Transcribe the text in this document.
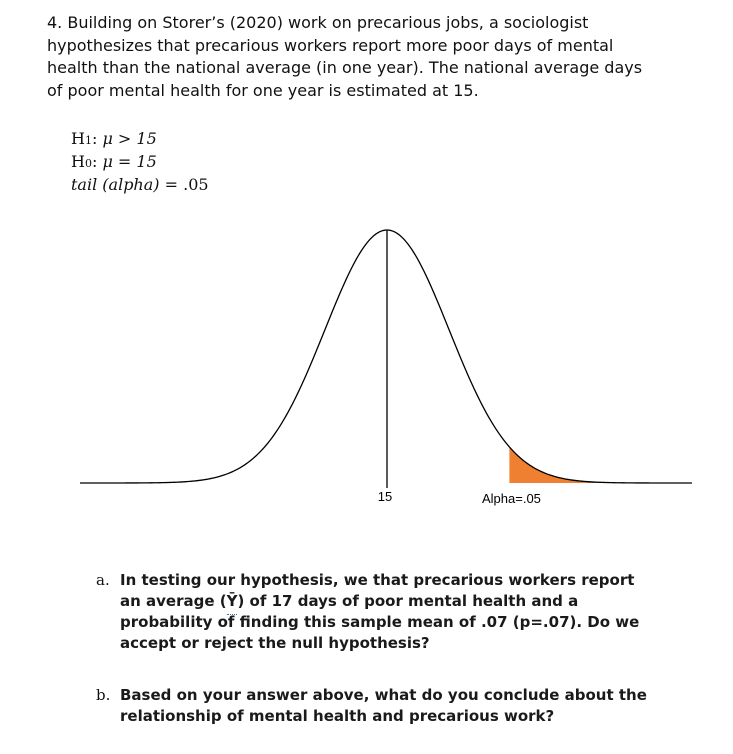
4. Building on Storer’s (2020) work on precarious jobs, a sociologist hypothesizes that precarious workers report more poor days of mental health than the national average (in one year). The national average days of poor mental health for one year is estimated at 15.

H1: μ > 15
H0: μ = 15
tail (alpha) = .05
15	Alpha=.05
a. In testing our hypothesis, we that precarious workers report an average (Ῡ) of 17 days of poor mental health and a probability of finding this sample mean of .07 (p=.07). Do we accept or reject the null hypothesis?
b. Based on your answer above, what do you conclude about the relationship of mental health and precarious work?
